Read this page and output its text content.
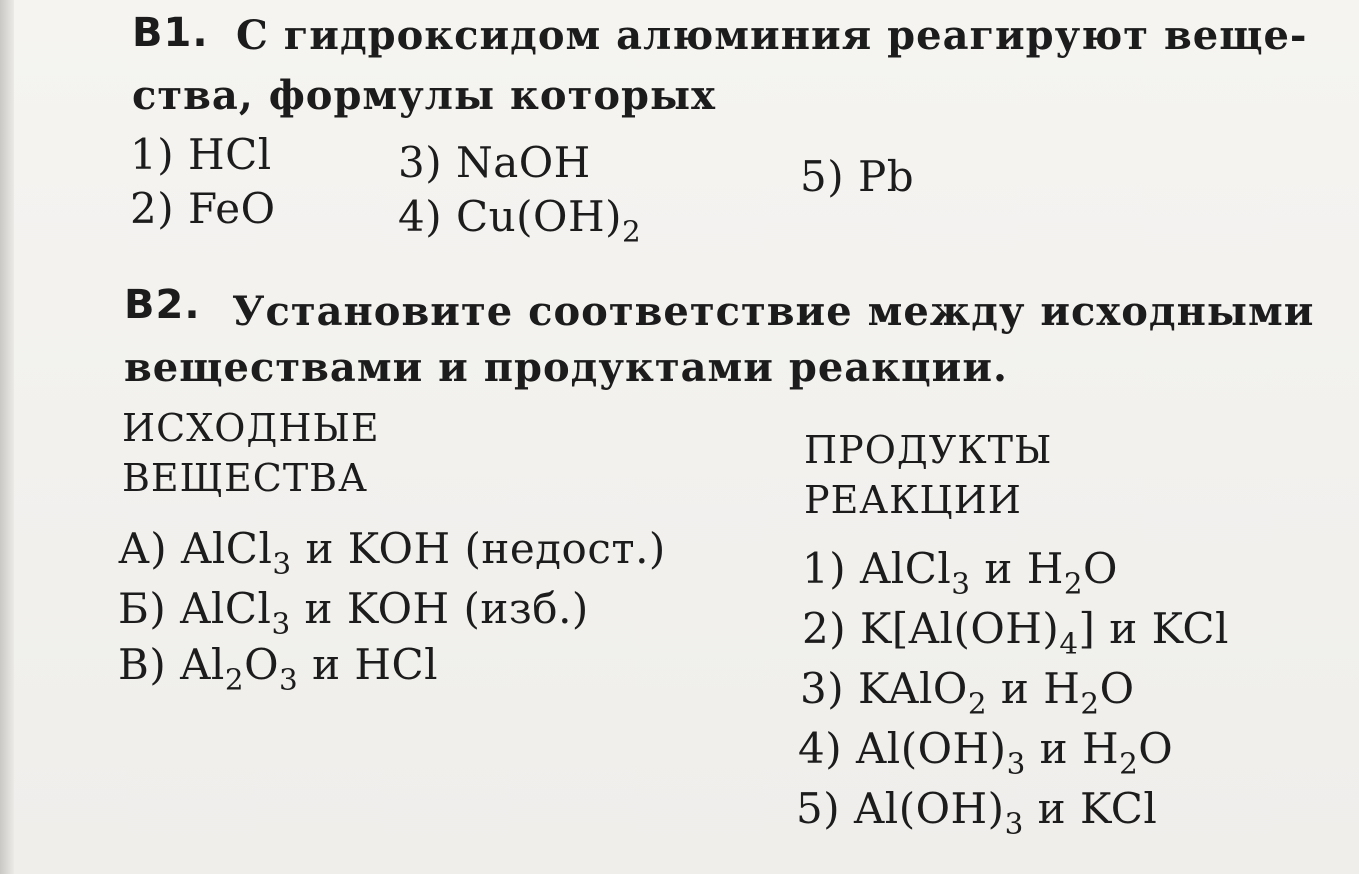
В1. С гидроксидом алюминия реагируют веще-
ства, формулы которых
1) HCl
2) FeO
3) NaOH
4) $Cu(OH)_2$
5) Pb
В2. Установите соответствие между исходными
веществами и продуктами реакции.
ИСХОДНЫЕ
ВЕЩЕСТВА
ПРОДУКТЫ
РЕАКЦИИ
А) AlCl$_3$ и KOH (недост.)
Б) AlCl$_3$ и KOH (изб.)
В) $Al_2O_3$ и HCl
1) AlCl$_3$ и $H_2O$
2) $K[Al(OH)_4]$ и KCl
3) KAlO$_2$ и $H_2O$
4) $Al(OH)_3$ и $H_2O$
5) $Al(OH)_3$ и KCl
